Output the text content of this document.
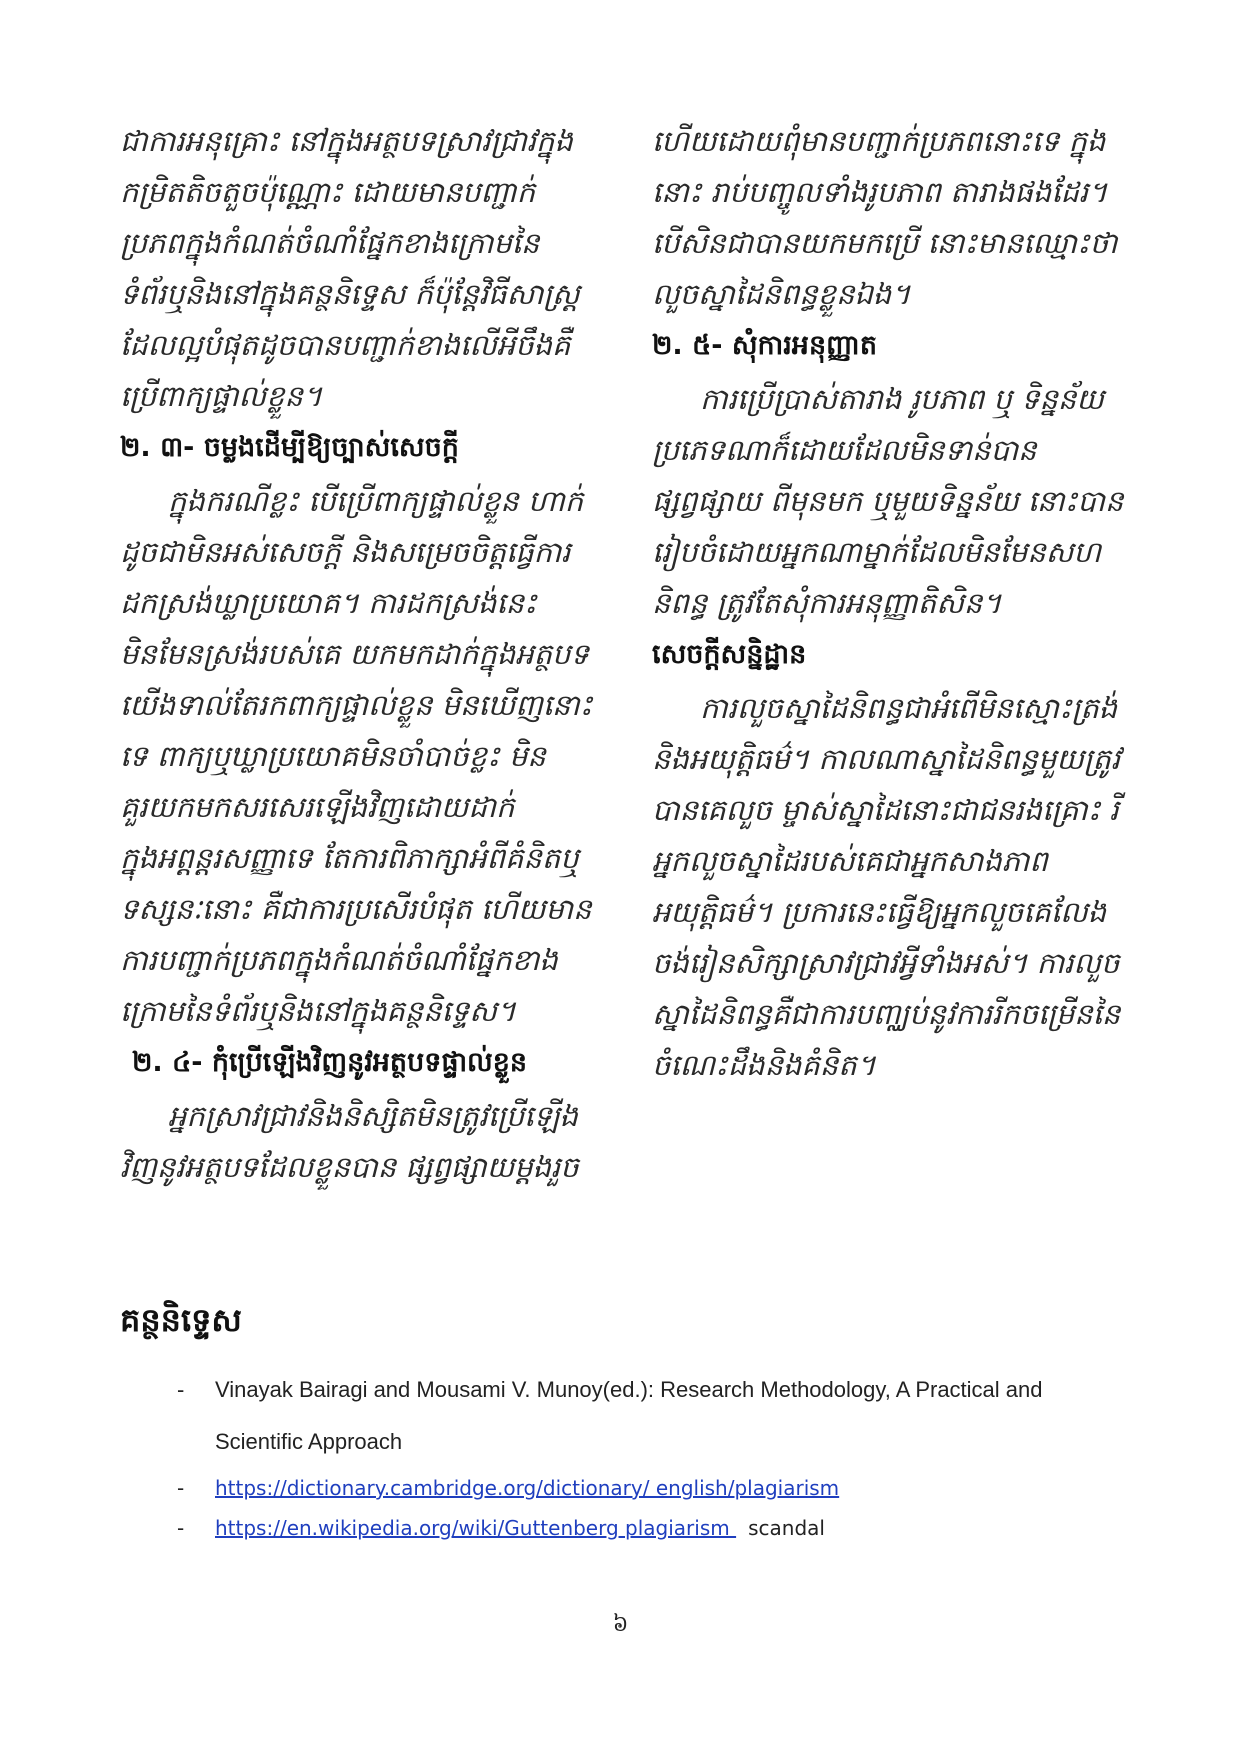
ជាការអនុគ្រោះ នៅក្នុងអត្ថបទស្រាវជ្រាវក្នុងកម្រិតតិចតួចប៉ុណ្ណោះ ដោយមានបញ្ជាក់ប្រភពក្នុងកំណត់ចំណាំផ្នែកខាងក្រោមនៃទំព័រឬនិងនៅក្នុងគន្ថនិទ្ទេស ក៏ប៉ុន្តែវិធីសាស្ត្រដែលល្អបំផុតដូចបានបញ្ជាក់ខាងលើអីចឹងគឺ ប្រើពាក្យផ្ទាល់ខ្លួន។

២. ៣- ចម្លងដើម្បីឱ្យច្បាស់សេចក្តី

ក្នុងករណីខ្លះ បើប្រើពាក្យផ្ទាល់ខ្លួន ហាក់ដូចជាមិនអស់សេចក្តី និងសម្រេចចិត្តធ្វើការដកស្រង់ឃ្លាប្រយោគ។ ការដកស្រង់នេះ មិនមែនស្រង់របស់គេ យកមកដាក់ក្នុងអត្ថបទយើងទាល់តែរកពាក្យផ្ទាល់ខ្លួន មិនឃើញនោះទេ ពាក្យឬឃ្លាប្រយោគមិនចាំបាច់ខ្លះ មិនគួរយកមកសរសេរឡើងវិញដោយដាក់ក្នុងអព្តន្តរសញ្ញាទេ តែការពិភាក្សាអំពីគំនិតឬទស្សនៈនោះ គឺជាការប្រសើរបំផុត ហើយមានការបញ្ជាក់ប្រភពក្នុងកំណត់ចំណាំផ្នែកខាងក្រោមនៃទំព័រឬនិងនៅក្នុងគន្ថនិទ្ទេស។

២. ៤- កុំប្រើឡើងវិញនូវអត្ថបទផ្ទាល់ខ្លួន

អ្នកស្រាវជ្រាវនិងនិស្សិតមិនត្រូវប្រើឡើងវិញនូវអត្ថបទដែលខ្លួនបាន ផ្សព្វផ្សាយម្តងរួច

ហើយដោយពុំមានបញ្ជាក់ប្រភពនោះទេ ក្នុងនោះ រាប់បញ្ចូលទាំងរូបភាព តារាងផងដែរ។ បើសិនជាបានយកមកប្រើ នោះមានឈ្មោះថា លួចស្នាដៃនិពន្ធខ្លួនឯង។

២. ៥- សុំការអនុញ្ញាត

ការប្រើប្រាស់តារាង រូបភាព ឬ ទិន្នន័យប្រភេទណាក៏ដោយដែលមិនទាន់បានផ្សព្វផ្សាយ ពីមុនមក ឬមួយទិន្នន័យ នោះបានរៀបចំដោយអ្នកណាម្នាក់ដែលមិនមែនសហនិពន្ធ ត្រូវតែសុំការអនុញ្ញាតិសិន។

សេចក្តីសន្និដ្ឋាន

ការលួចស្នាដៃនិពន្ធជាអំពើមិនស្មោះត្រង់និងអយុត្តិធម៌។ កាលណាស្នាដៃនិពន្ធមួយត្រូវបានគេលួច ម្ចាស់ស្នាដៃនោះជាជនរងគ្រោះ រីអ្នកលួចស្នាដៃរបស់គេជាអ្នកសាងភាពអយុត្តិធម៌។ ប្រការនេះធ្វើឱ្យអ្នកលួចគេលែងចង់រៀនសិក្សាស្រាវជ្រាវអ្វីទាំងអស់។ ការលួចស្នាដៃនិពន្ធគឺជាការបញ្ឈប់នូវការរីកចម្រើននៃចំណេះដឹងនិងគំនិត។

គន្ថនិទ្ទេស

- Vinayak Bairagi and Mousami V. Munoy(ed.): Research Methodology, A Practical and Scientific Approach

- https://dictionary.cambridge.org/dictionary/ english/plagiarism

- https://en.wikipedia.org/wiki/Guttenberg plagiarism scandal

៦
